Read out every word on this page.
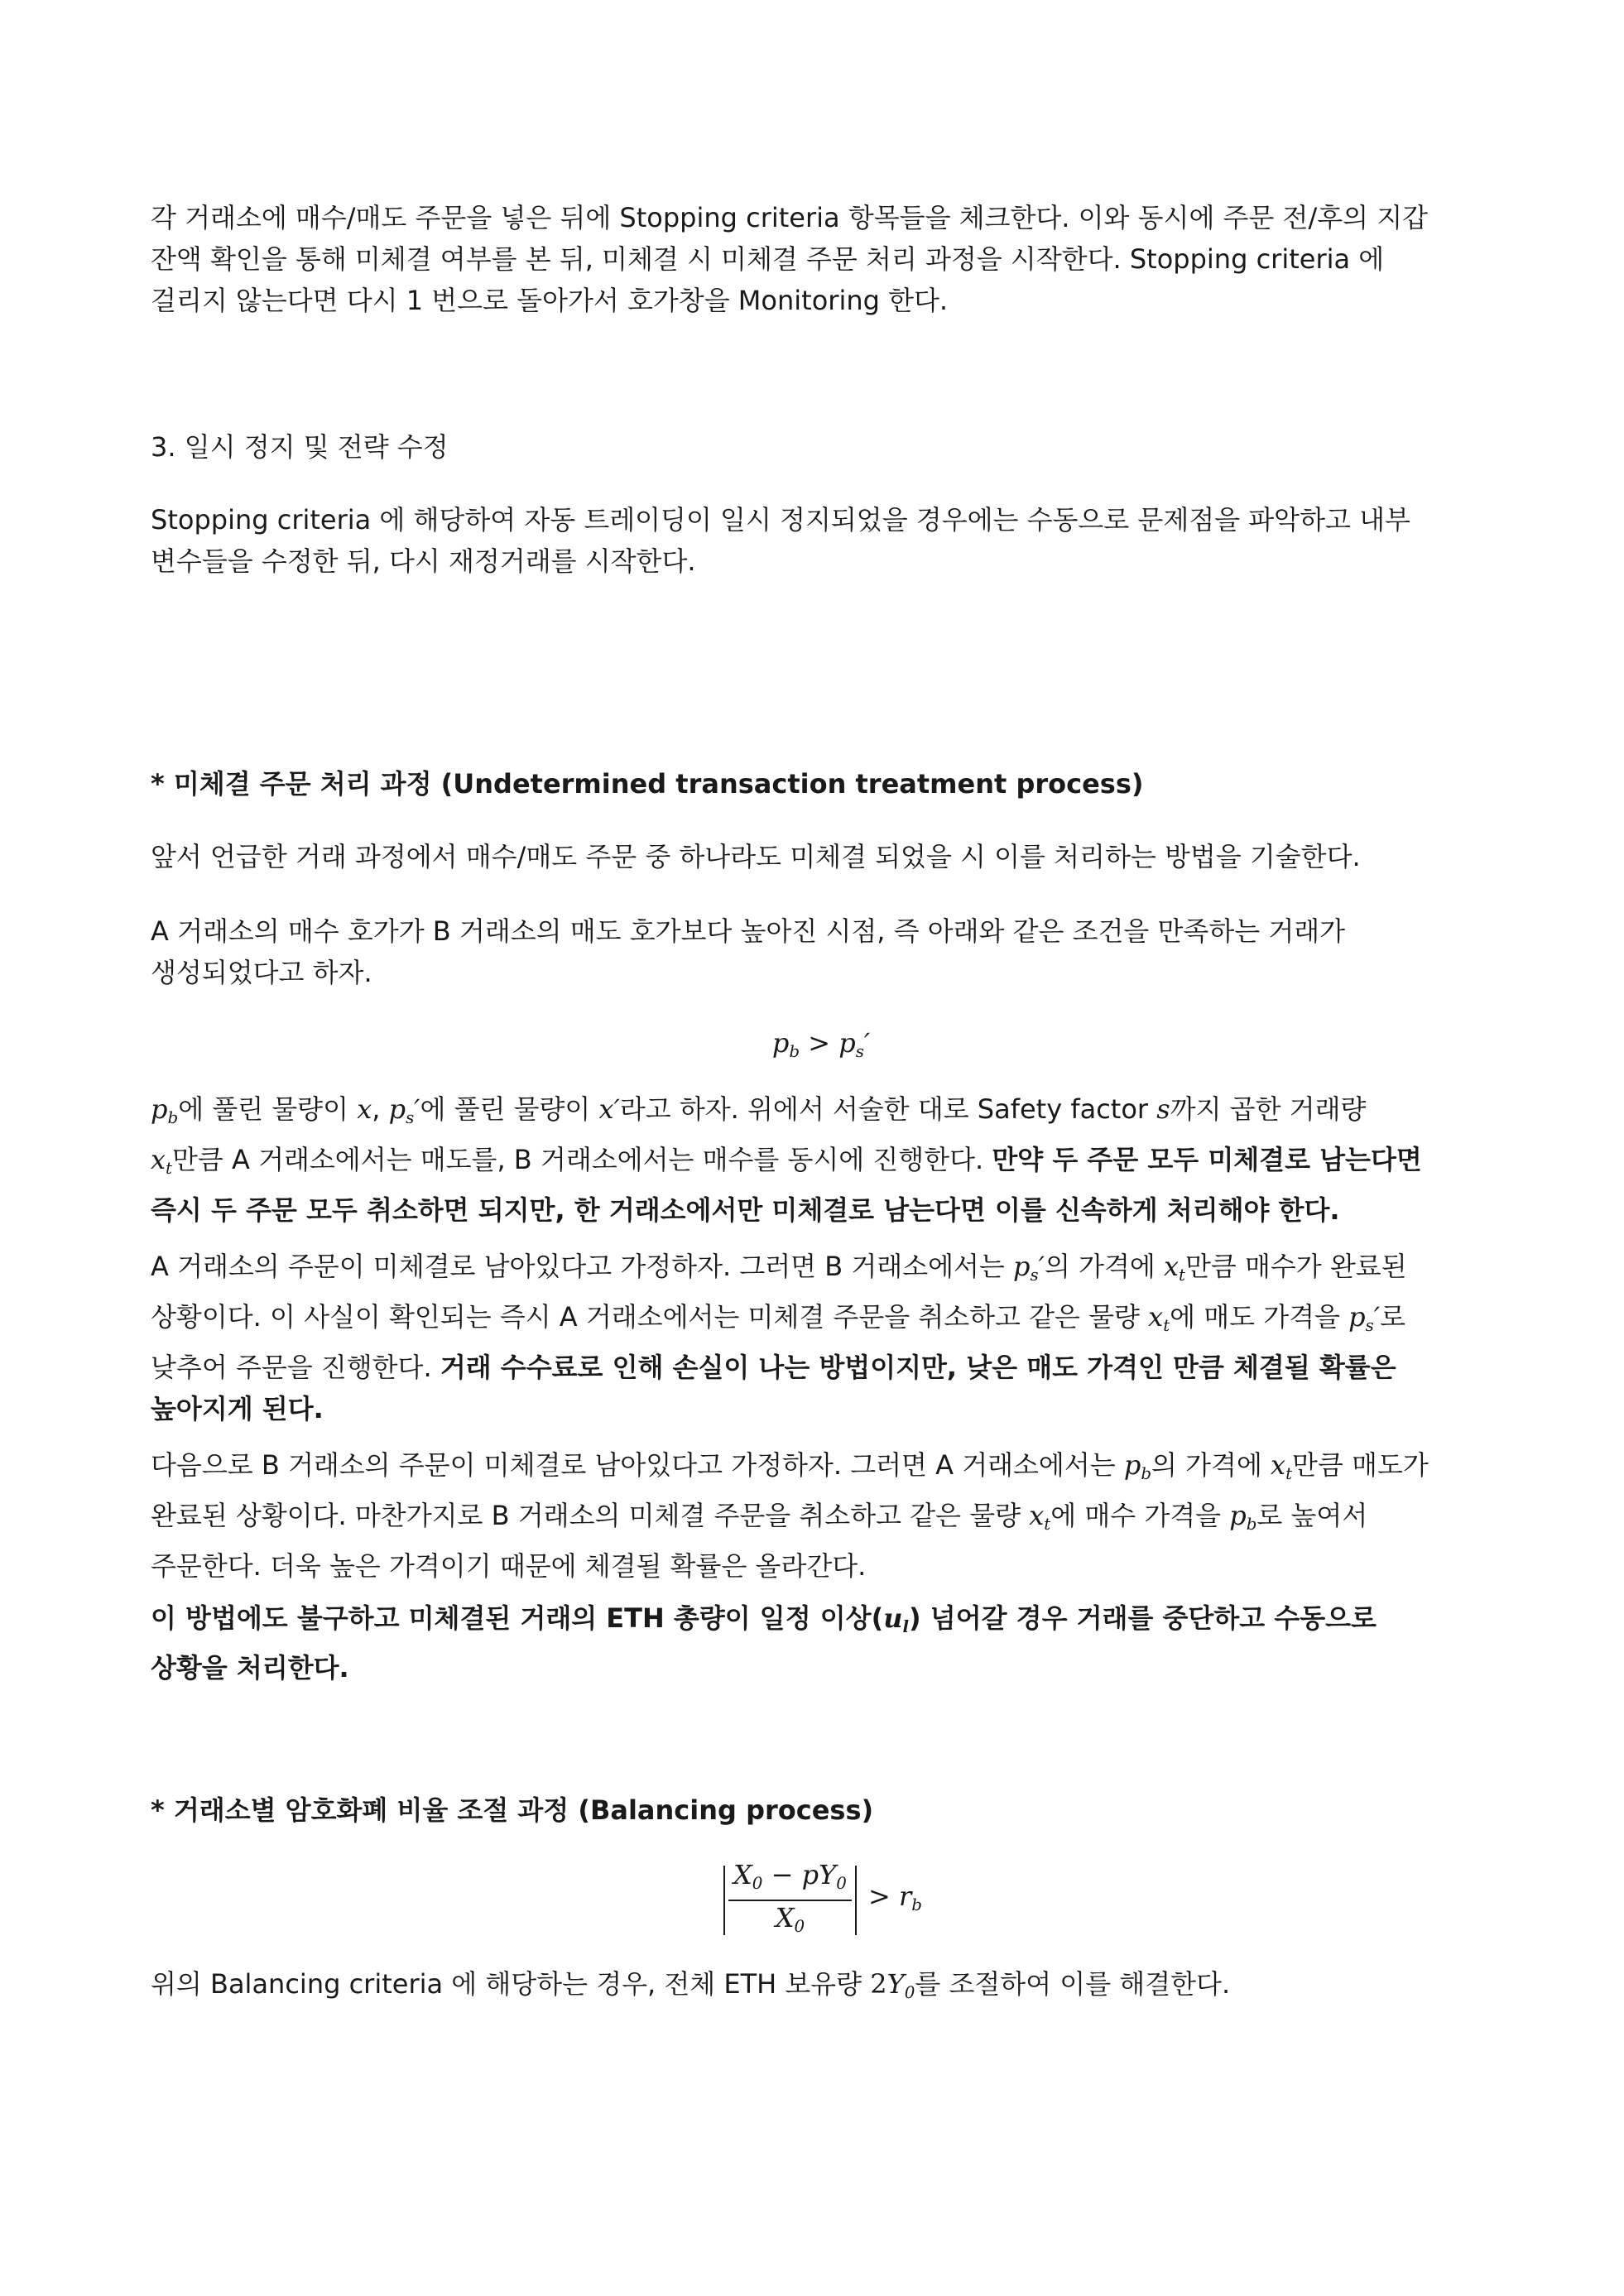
각 거래소에 매수/매도 주문을 넣은 뒤에 Stopping criteria 항목들을 체크한다. 이와 동시에 주문 전/후의 지갑

잔액 확인을 통해 미체결 여부를 본 뒤, 미체결 시 미체결 주문 처리 과정을 시작한다. Stopping criteria 에

걸리지 않는다면 다시 1 번으로 돌아가서 호가창을 Monitoring 한다.

3. 일시 정지 및 전략 수정

Stopping criteria 에 해당하여 자동 트레이딩이 일시 정지되었을 경우에는 수동으로 문제점을 파악하고 내부

변수들을 수정한 뒤, 다시 재정거래를 시작한다.

* 미체결 주문 처리 과정 (Undetermined transaction treatment process)

앞서 언급한 거래 과정에서 매수/매도 주문 중 하나라도 미체결 되었을 시 이를 처리하는 방법을 기술한다.

A 거래소의 매수 호가가 B 거래소의 매도 호가보다 높아진 시점, 즉 아래와 같은 조건을 만족하는 거래가

생성되었다고 하자.

$p_b > p_s'$

$p_b$에 풀린 물량이 x, $p_s'$에 풀린 물량이 x′라고 하자. 위에서 서술한 대로 Safety factor s까지 곱한 거래량

$x_t$만큼 A 거래소에서는 매도를, B 거래소에서는 매수를 동시에 진행한다. 만약 두 주문 모두 미체결로 남는다면

즉시 두 주문 모두 취소하면 되지만, 한 거래소에서만 미체결로 남는다면 이를 신속하게 처리해야 한다.

A 거래소의 주문이 미체결로 남아있다고 가정하자. 그러면 B 거래소에서는 $p_s'$의 가격에 $x_t$만큼 매수가 완료된

상황이다. 이 사실이 확인되는 즉시 A 거래소에서는 미체결 주문을 취소하고 같은 물량 $x_t$에 매도 가격을 $p_s'$로

낮추어 주문을 진행한다. 거래 수수료로 인해 손실이 나는 방법이지만, 낮은 매도 가격인 만큼 체결될 확률은

높아지게 된다.

다음으로 B 거래소의 주문이 미체결로 남아있다고 가정하자. 그러면 A 거래소에서는 $p_b$의 가격에 $x_t$만큼 매도가

완료된 상황이다. 마찬가지로 B 거래소의 미체결 주문을 취소하고 같은 물량 $x_t$에 매수 가격을 $p_b$로 높여서

주문한다. 더욱 높은 가격이기 때문에 체결될 확률은 올라간다.

이 방법에도 불구하고 미체결된 거래의 ETH 총량이 일정 이상$(u_l)$ 넘어갈 경우 거래를 중단하고 수동으로

상황을 처리한다.

* 거래소별 암호화폐 비율 조절 과정 (Balancing process)

$\frac{X_0 - pY_0}{X_0} > r_b$

위의 Balancing criteria 에 해당하는 경우, 전체 ETH 보유량 $2Y_0$를 조절하여 이를 해결한다.
